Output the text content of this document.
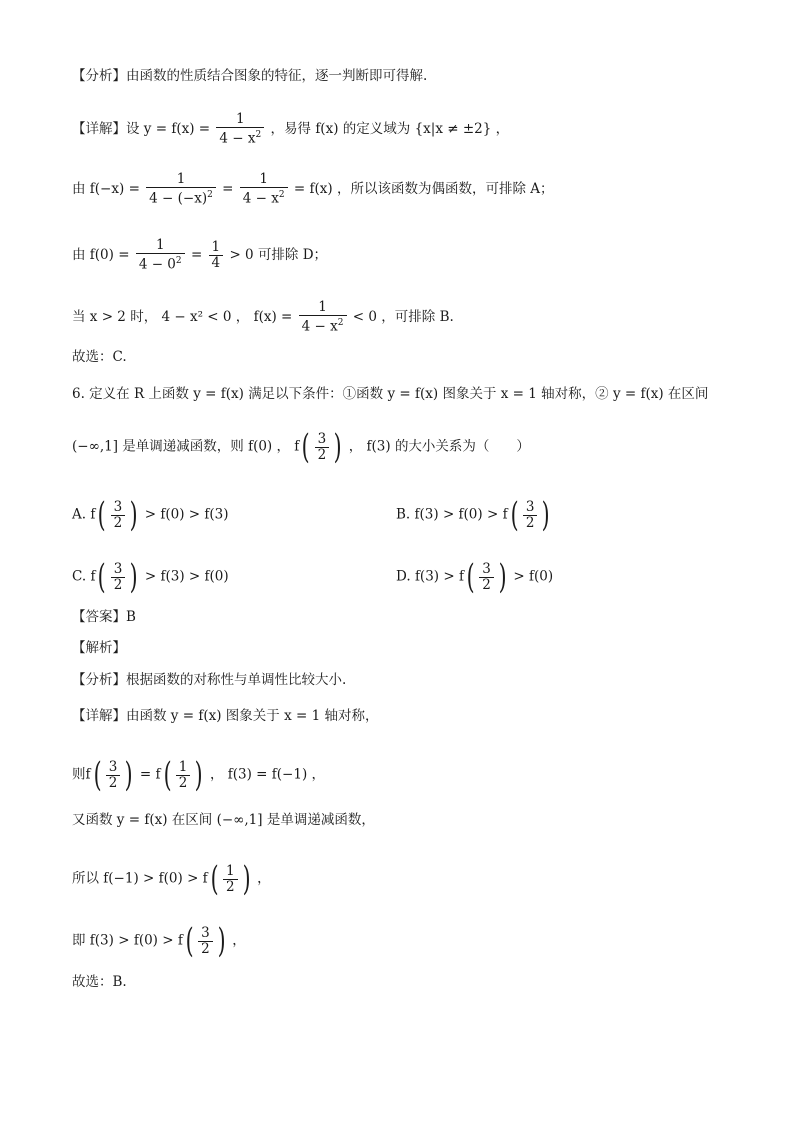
【分析】由函数的性质结合图象的特征，逐一判断即可得解.
【详解】设 $y = f(x) = \frac{1}{4 - x^2}$ ，易得 f(x) 的定义域为 {x|x ≠ ±2} ，
由 $f(-x) = \frac{1}{4 - (-x)^2} = \frac{1}{4 - x^2} = f(x)$ ，所以该函数为偶函数，可排除 A；
由 $f(0) = \frac{1}{4 - 0^2} = \frac{1}{4} > 0$ 可排除 D；
当 x > 2 时， 4 − x² < 0 ， $f(x) = \frac{1}{4 - x^2} < 0$ ，可排除 B.
故选：C.
6. 定义在 R 上函数 y = f(x) 满足以下条件：①函数 y = f(x) 图象关于 x = 1 轴对称，② y = f(x) 在区间
(−∞,1] 是单调递减函数，则 f(0) ， $f( \frac{3}{2}$ ) ， f(3) 的大小关系为（　　）
A. $f( \frac{3}{2}$ ) > f(0) > f(3)	B. $f(3) > f(0) > f( \frac{3}{2}$ )
C. $f( \frac{3}{2}$ ) > f(3) > f(0)	D. $f(3) > f( \frac{3}{2}$ ) > f(0)
【答案】B
【解析】
【分析】根据函数的对称性与单调性比较大小.
【详解】由函数 y = f(x) 图象关于 x = 1 轴对称，
则$f( \frac{3}{2}$ ) = $f( \frac{1}{2}$ ) ， f(3) = f(−1) ，
又函数 y = f(x) 在区间 (−∞,1] 是单调递减函数，
所以 $f(-1) > f(0) > f( \frac{1}{2}$ ) ，
即 $f(3) > f(0) > f( \frac{3}{2}$ ) ，
故选：B.
